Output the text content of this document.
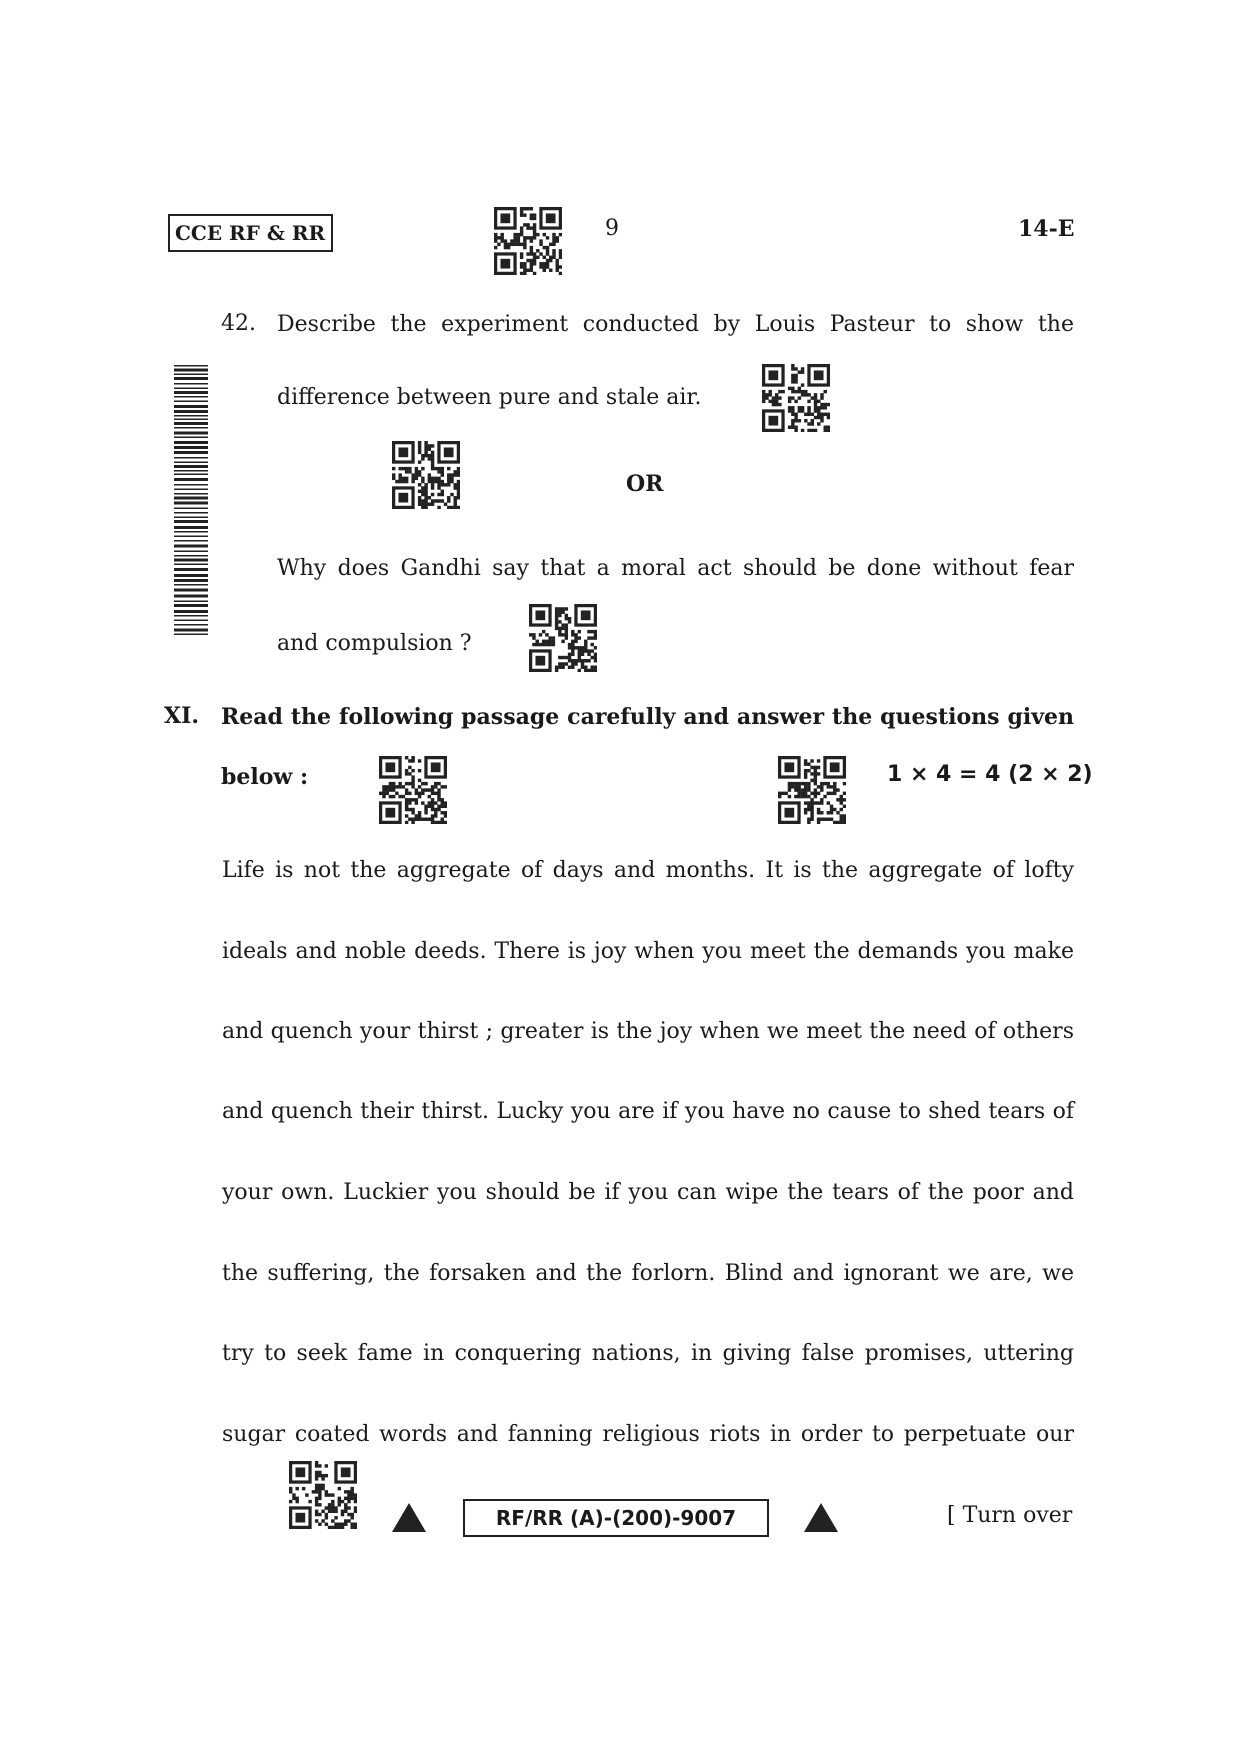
CCE RF & RR	9	14-E
42. Describe the experiment conducted by Louis Pasteur to show the
difference between pure and stale air.
OR
Why does Gandhi say that a moral act should be done without fear
and compulsion ?
XI. Read the following passage carefully and answer the questions given
below :	1 × 4 = 4 (2 × 2)
Life is not the aggregate of days and months. It is the aggregate of lofty
ideals and noble deeds. There is joy when you meet the demands you make
and quench your thirst ; greater is the joy when we meet the need of others
and quench their thirst. Lucky you are if you have no cause to shed tears of
your own. Luckier you should be if you can wipe the tears of the poor and
the suffering, the forsaken and the forlorn. Blind and ignorant we are, we
try to seek fame in conquering nations, in giving false promises, uttering
sugar coated words and fanning religious riots in order to perpetuate our
RF/RR (A)-(200)-9007	[ Turn over
